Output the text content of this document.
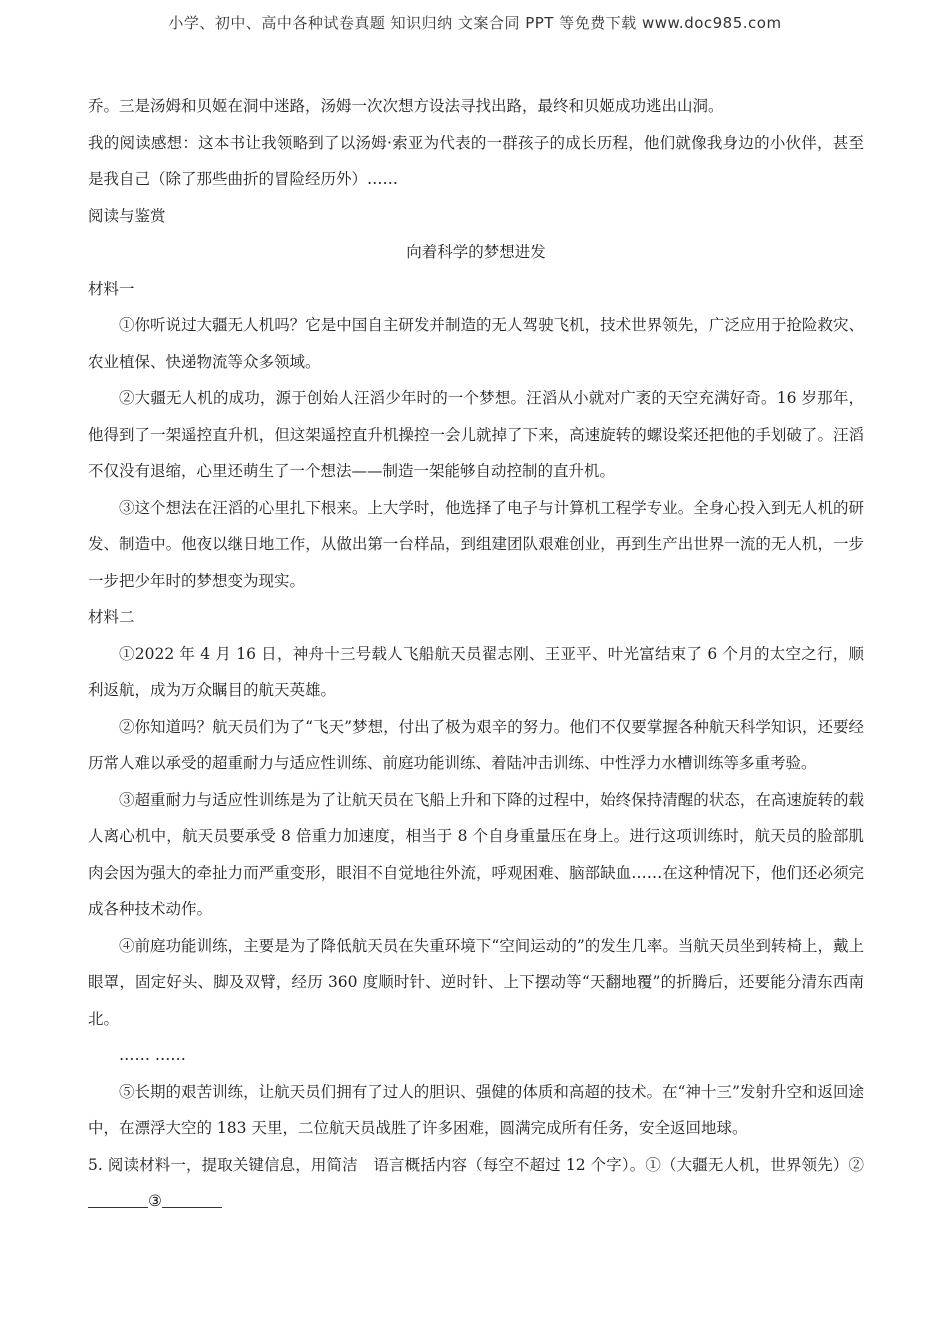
小学、初中、高中各种试卷真题 知识归纳 文案合同 PPT 等免费下载 www.doc985.com

乔。三是汤姆和贝姬在洞中迷路，汤姆一次次想方设法寻找出路，最终和贝姬成功逃出山洞。

我的阅读感想：这本书让我领略到了以汤姆·索亚为代表的一群孩子的成长历程，他们就像我身边的小伙伴，甚至是我自己（除了那些曲折的冒险经历外）……

阅读与鉴赏

向着科学的梦想进发

材料一

①你听说过大疆无人机吗？它是中国自主研发并制造的无人驾驶飞机，技术世界领先，广泛应用于抢险救灾、农业植保、快递物流等众多领域。

②大疆无人机的成功，源于创始人汪滔少年时的一个梦想。汪滔从小就对广袤的天空充满好奇。16 岁那年，他得到了一架遥控直升机，但这架遥控直升机操控一会儿就掉了下来，高速旋转的螺设桨还把他的手划破了。汪滔不仅没有退缩，心里还萌生了一个想法——制造一架能够自动控制的直升机。

③这个想法在汪滔的心里扎下根来。上大学时，他选择了电子与计算机工程学专业。全身心投入到无人机的研发、制造中。他夜以继日地工作，从做出第一台样品，到组建团队艰难创业，再到生产出世界一流的无人机，一步一步把少年时的梦想变为现实。

材料二

①2022 年 4 月 16 日，神舟十三号载人飞船航天员翟志刚、王亚平、叶光富结束了 6 个月的太空之行，顺利返航，成为万众瞩目的航天英雄。

②你知道吗？航天员们为了“飞天”梦想，付出了极为艰辛的努力。他们不仅要掌握各种航天科学知识，还要经历常人难以承受的超重耐力与适应性训练、前庭功能训练、着陆冲击训练、中性浮力水槽训练等多重考验。

③超重耐力与适应性训练是为了让航天员在飞船上升和下降的过程中，始终保持清醒的状态，在高速旋转的载人离心机中，航天员要承受 8 倍重力加速度，相当于 8 个自身重量压在身上。进行这项训练时，航天员的脸部肌肉会因为强大的牵扯力而严重变形，眼泪不自觉地往外流，呼观困难、脑部缺血……在这种情况下，他们还必须完成各种技术动作。

④前庭功能训练，主要是为了降低航天员在失重环境下“空间运动的”的发生几率。当航天员坐到转椅上，戴上眼罩，固定好头、脚及双臂，经历 360 度顺时针、逆时针、上下摆动等“天翻地覆”的折腾后，还要能分清东西南北。

…… ……

⑤长期的艰苦训练，让航天员们拥有了过人的胆识、强健的体质和高超的技术。在“神十三”发射升空和返回途中，在漂浮大空的 183 天里，二位航天员战胜了许多困难，圆满完成所有任务，安全返回地球。

5. 阅读材料一，提取关键信息，用简洁　语言概括内容（每空不超过 12 个字）。①（大疆无人机，世界领先）②③
